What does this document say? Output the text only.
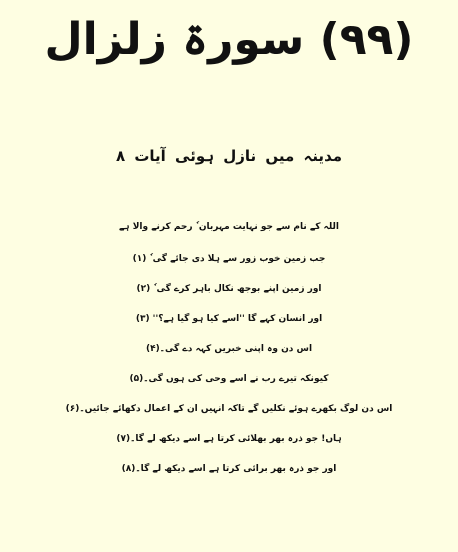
(۹۹) سورۃ زلزال
مدینہ میں نازل ہوئی آیات ۸
اللہ کے نام سے جو نہایت مہربان ٗ رحم کرنے والا ہے
جب زمین خوب زور سے ہلا دی جائے گی ٗ (۱)
اور زمین اپنے بوجھ نکال باہر کرے گی ٗ (۲)
اور انسان کہے گا ''اسے کیا ہو گیا ہے؟'' (۳)
اس دن وہ اپنی خبریں کہہ دے گی۔(۴)
کیونکہ تیرے رب نے اسے وحی کی ہوں گی۔(۵)
اس دن لوگ بکھرے ہوئے نکلیں گے تاکہ انہیں ان کے اعمال دکھائے جائیں۔(۶)
ہاں! جو ذرہ بھر بھلائی کرتا ہے اسے دیکھ لے گا۔(۷)
اور جو ذرہ بھر برائی کرتا ہے اسے دیکھ لے گا۔(۸)
